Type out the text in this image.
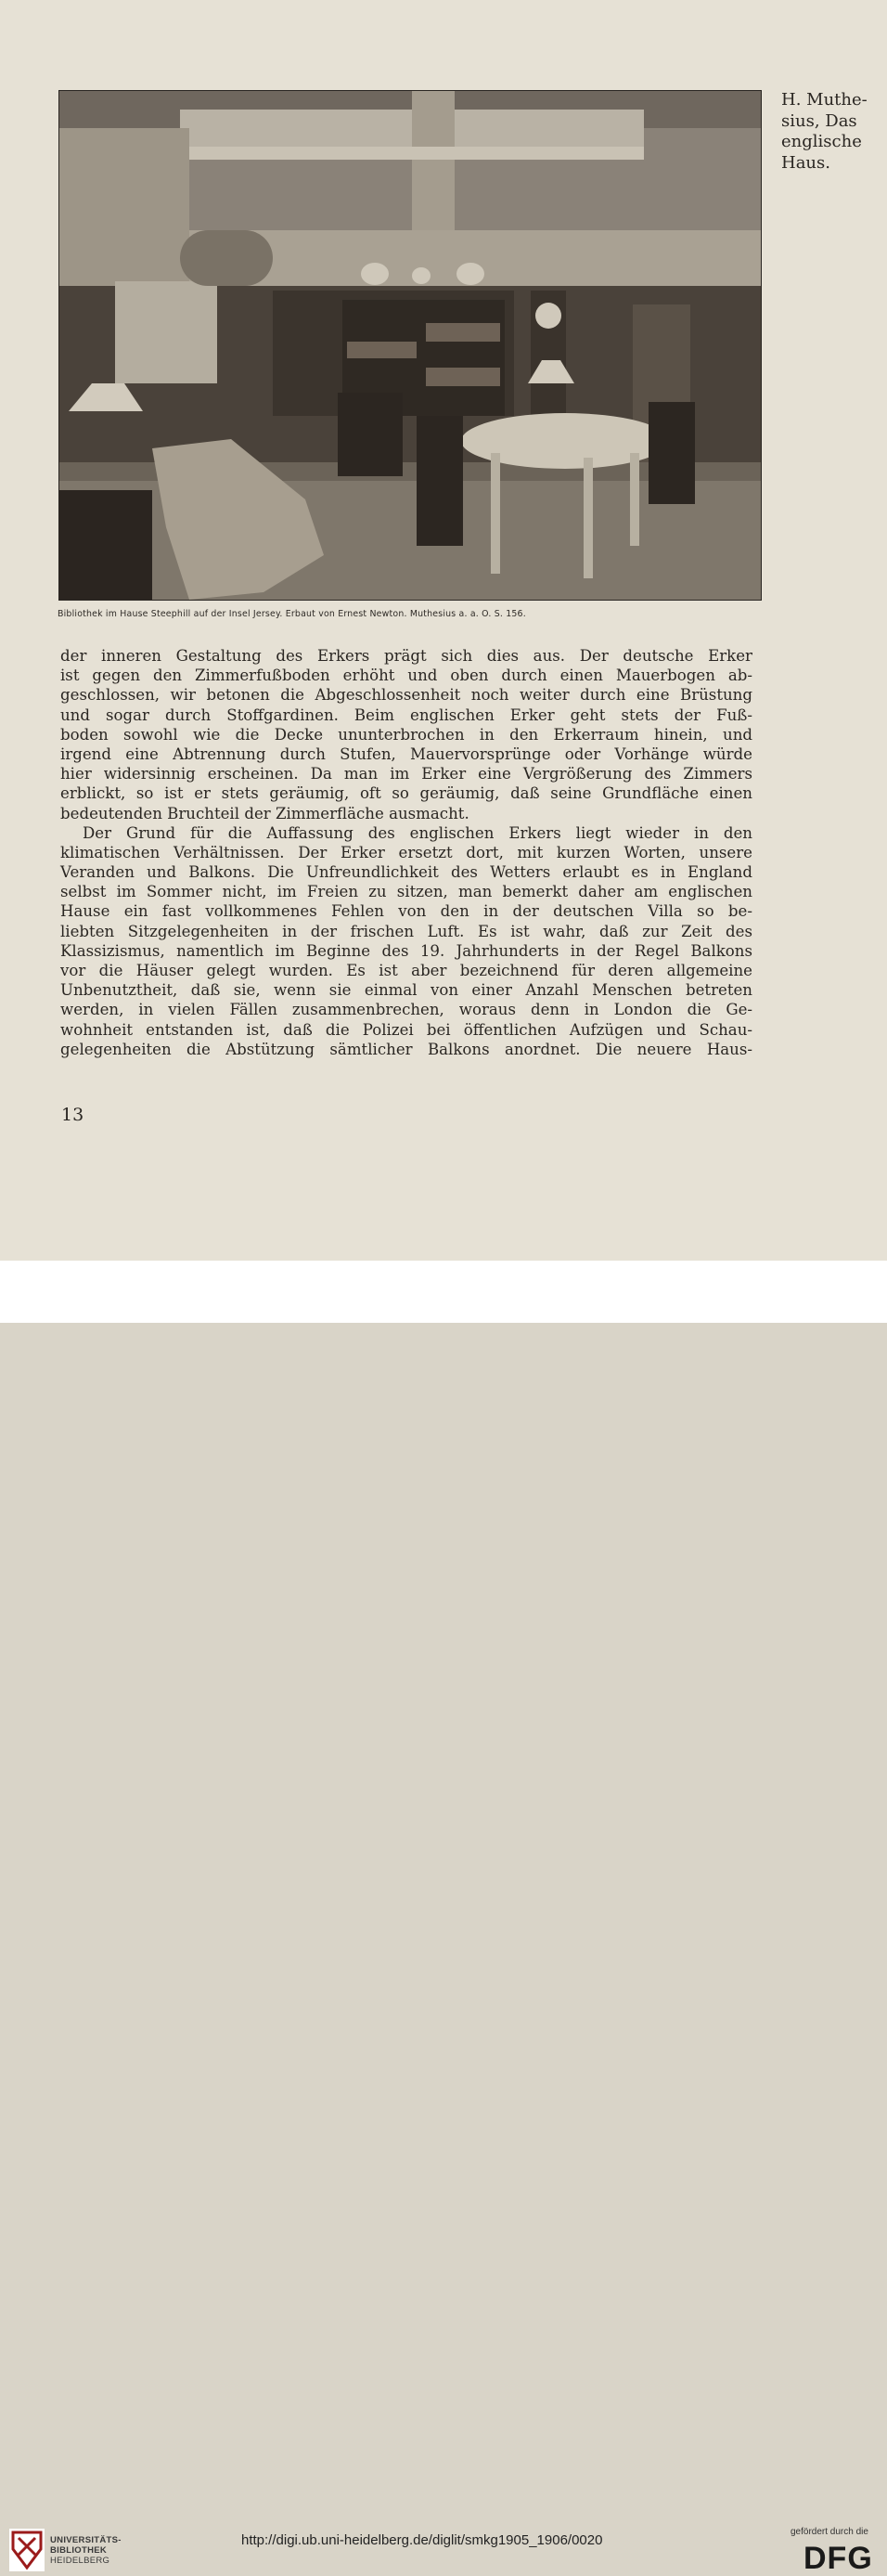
H. Muthe-
sius, Das
englische
Haus.
Bibliothek im Hause Steephill auf der Insel Jersey. Erbaut von Ernest Newton. Muthesius a. a. O. S. 156.
der inneren Gestaltung des Erkers prägt sich dies aus. Der deutsche Erker
ist gegen den Zimmerfußboden erhöht und oben durch einen Mauerbogen ab-
geschlossen, wir betonen die Abgeschlossenheit noch weiter durch eine Brüstung
und sogar durch Stoffgardinen. Beim englischen Erker geht stets der Fuß-
boden sowohl wie die Decke ununterbrochen in den Erkerraum hinein, und
irgend eine Abtrennung durch Stufen, Mauervorsprünge oder Vorhänge würde
hier widersinnig erscheinen. Da man im Erker eine Vergrößerung des Zimmers
erblickt, so ist er stets geräumig, oft so geräumig, daß seine Grundfläche einen
bedeutenden Bruchteil der Zimmerfläche ausmacht.
Der Grund für die Auffassung des englischen Erkers liegt wieder in den
klimatischen Verhältnissen. Der Erker ersetzt dort, mit kurzen Worten, unsere
Veranden und Balkons. Die Unfreundlichkeit des Wetters erlaubt es in England
selbst im Sommer nicht, im Freien zu sitzen, man bemerkt daher am englischen
Hause ein fast vollkommenes Fehlen von den in der deutschen Villa so be-
liebten Sitzgelegenheiten in der frischen Luft. Es ist wahr, daß zur Zeit des
Klassizismus, namentlich im Beginne des 19. Jahrhunderts in der Regel Balkons
vor die Häuser gelegt wurden. Es ist aber bezeichnend für deren allgemeine
Unbenutztheit, daß sie, wenn sie einmal von einer Anzahl Menschen betreten
werden, in vielen Fällen zusammenbrechen, woraus denn in London die Ge-
wohnheit entstanden ist, daß die Polizei bei öffentlichen Aufzügen und Schau-
gelegenheiten die Abstützung sämtlicher Balkons anordnet. Die neuere Haus-
13
UNIVERSITÄTS-
BIBLIOTHEK
HEIDELBERG
http://digi.ub.uni-heidelberg.de/diglit/smkg1905_1906/0020
gefördert durch die
DFG
